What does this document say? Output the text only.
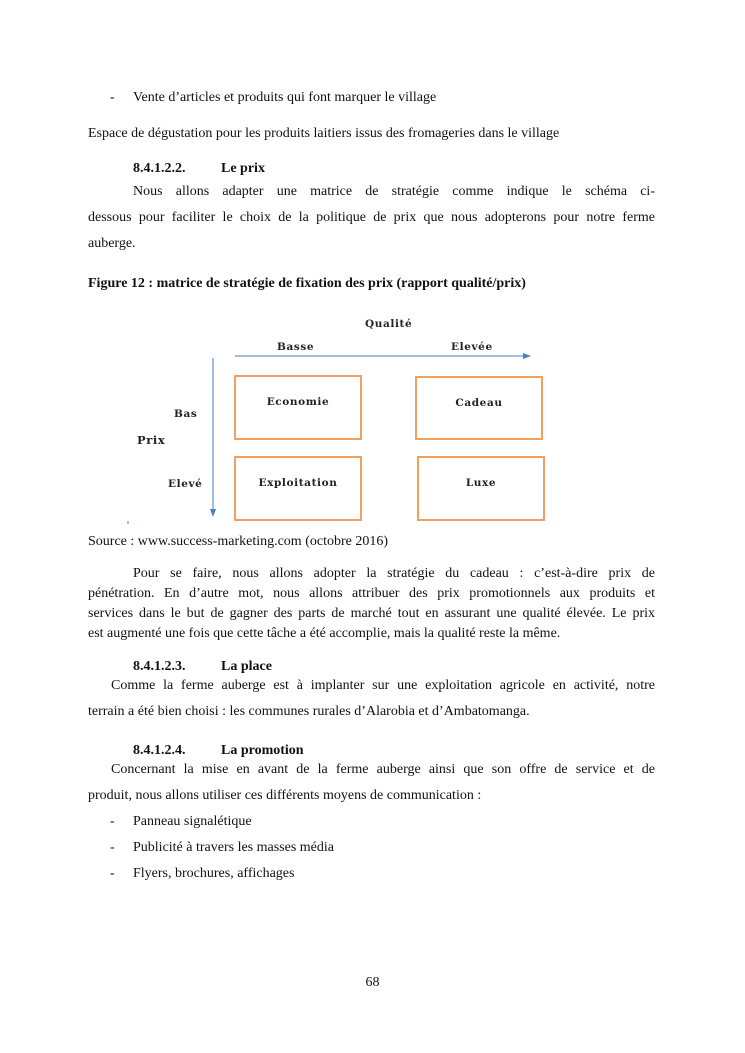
- Vente d’articles et produits qui font marquer le village
Espace de dégustation pour les produits laitiers issus des fromageries dans le village
8.4.1.2.2.	Le prix
Nous allons adapter une matrice de stratégie comme indique le schéma ci-
dessous pour faciliter le choix de la politique de prix que nous adopterons pour notre ferme
auberge.
Figure 12 : matrice de stratégie de fixation des prix (rapport qualité/prix)
Qualité
Basse	Elevée
Bas
Prix
Elevé
Economie	Cadeau
Exploitation	Luxe
Source : www.success-marketing.com (octobre 2016)
Pour se faire, nous allons adopter la stratégie du cadeau : c’est-à-dire prix de
pénétration. En d’autre mot, nous allons attribuer des prix promotionnels aux produits et
services dans le but de gagner des parts de marché tout en assurant une qualité élevée. Le prix
est augmenté une fois que cette tâche a été accomplie, mais la qualité reste la même.
8.4.1.2.3.	La place
Comme la ferme auberge est à implanter sur une exploitation agricole en activité, notre
terrain a été bien choisi : les communes rurales d’Alarobia et d’Ambatomanga.
8.4.1.2.4.	La promotion
Concernant la mise en avant de la ferme auberge ainsi que son offre de service et de
produit, nous allons utiliser ces différents moyens de communication :
- Panneau signalétique
- Publicité à travers les masses média
- Flyers, brochures, affichages
68
